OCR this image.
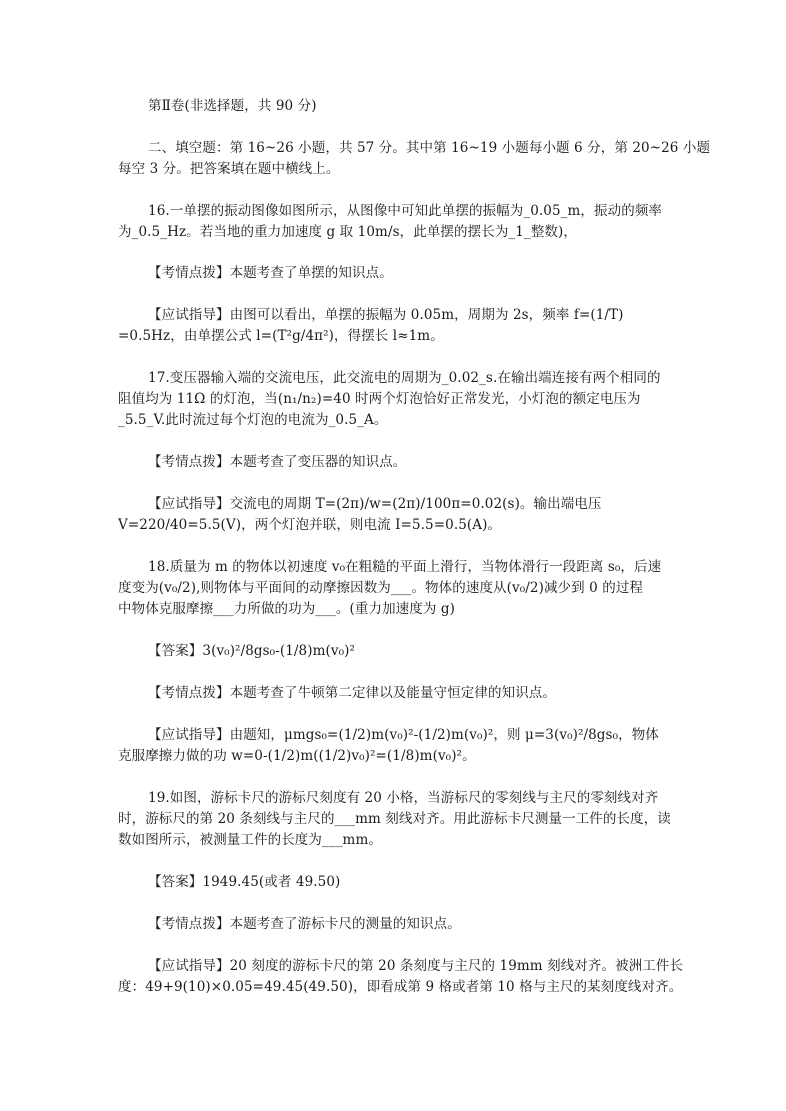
第Ⅱ卷(非选择题，共 90 分)
二、填空题：第 16~26 小题，共 57 分。其中第 16~19 小题每小题 6 分，第 20~26 小题
每空 3 分。把答案填在题中横线上。
16.一单摆的振动图像如图所示，从图像中可知此单摆的振幅为_0.05_m，振动的频率
为_0.5_Hz。若当地的重力加速度 g 取 10m/s，此单摆的摆长为_1_整数)，
【考情点拨】本题考查了单摆的知识点。
【应试指导】由图可以看出，单摆的振幅为 0.05m，周期为 2s，频率 f=(1/T)
=0.5Hz，由单摆公式 l=(T²g/4π²)，得摆长 l≈1m。
17.变压器输入端的交流电压，此交流电的周期为_0.02_s.在输出端连接有两个相同的
阻值均为 11Ω 的灯泡，当(n₁/n₂)=40 时两个灯泡恰好正常发光，小灯泡的额定电压为
_5.5_V.此时流过每个灯泡的电流为_0.5_A。
【考情点拨】本题考查了变压器的知识点。
【应试指导】交流电的周期 T=(2π)/w=(2π)/100π=0.02(s)。输出端电压
V=220/40=5.5(V)，两个灯泡并联，则电流 I=5.5=0.5(A)。
18.质量为 m 的物体以初速度 v₀在粗糙的平面上滑行，当物体滑行一段距离 s₀，后速
度变为(v₀/2),则物体与平面间的动摩擦因数为___。物体的速度从(v₀/2)减少到 0 的过程
中物体克服摩擦___力所做的功为___。(重力加速度为 g)
【答案】3(v₀)²/8gs₀-(1/8)m(v₀)²
【考情点拨】本题考查了牛顿第二定律以及能量守恒定律的知识点。
【应试指导】由题知，μmgs₀=(1/2)m(v₀)²-(1/2)m(v₀)²，则 μ=3(v₀)²/8gs₀，物体
克服摩擦力做的功 w=0-(1/2)m((1/2)v₀)²=(1/8)m(v₀)²。
19.如图，游标卡尺的游标尺刻度有 20 小格，当游标尺的零刻线与主尺的零刻线对齐
时，游标尺的第 20 条刻线与主尺的___mm 刻线对齐。用此游标卡尺测量一工件的长度，读
数如图所示，被测量工件的长度为___mm。
【答案】1949.45(或者 49.50)
【考情点拨】本题考查了游标卡尺的测量的知识点。
【应试指导】20 刻度的游标卡尺的第 20 条刻度与主尺的 19mm 刻线对齐。被洲工件长
度：49+9(10)×0.05=49.45(49.50)，即看成第 9 格或者第 10 格与主尺的某刻度线对齐。
